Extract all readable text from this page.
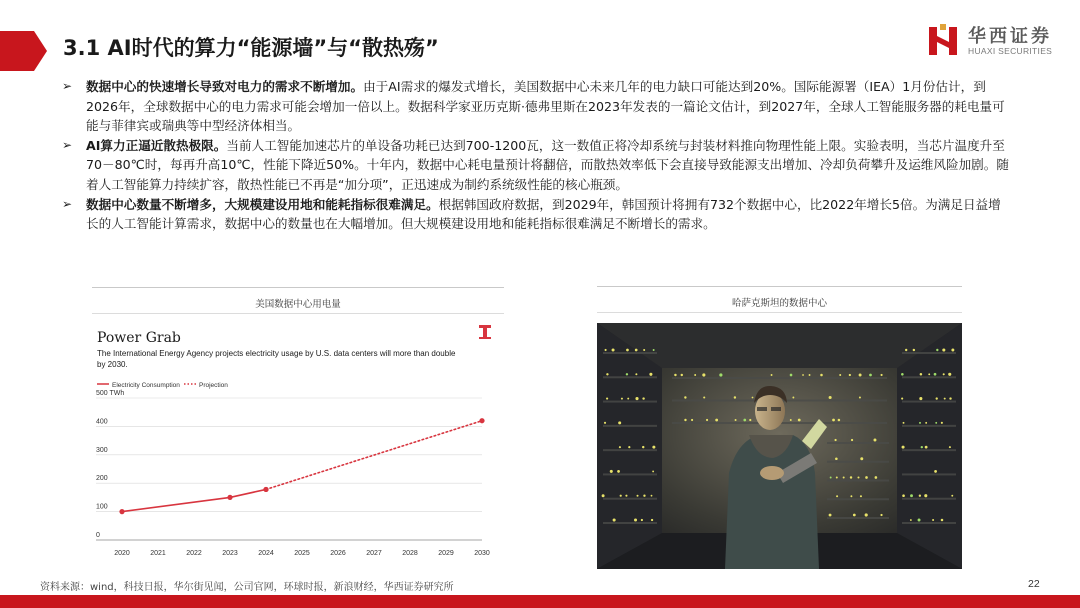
3.1 AI时代的算力“能源墙”与“散热殇”	华西证券
HUAXI SECURITIES

➢ 数据中心的快速增长导致对电力的需求不断增加。由于AI需求的爆发式增长，美国数据中心未来几年的电力缺口可能达到20%。国际能源署（IEA）1月份估计，到2026年，全球数据中心的电力需求可能会增加一倍以上。数据科学家亚历克斯·德弗里斯在2023年发表的一篇论文估计，到2027年，全球人工智能服务器的耗电量可能与菲律宾或瑞典等中型经济体相当。

➢ AI算力正逼近散热极限。当前人工智能加速芯片的单设备功耗已达到700-1200瓦，这一数值正将冷却系统与封装材料推向物理性能上限。实验表明，当芯片温度升至70－80℃时，每再升高10℃，性能下降近50%。十年内，数据中心耗电量预计将翻倍，而散热效率低下会直接导致能源支出增加、冷却负荷攀升及运维风险加剧。随着人工智能算力持续扩容，散热性能已不再是“加分项”，正迅速成为制约系统级性能的核心瓶颈。

➢ 数据中心数量不断增多，大规模建设用地和能耗指标很难满足。根据韩国政府数据，到2029年，韩国预计将拥有732个数据中心，比2022年增长5倍。为满足日益增长的人工智能计算需求，数据中心的数量也在大幅增加。但大规模建设用地和能耗指标很难满足不断增长的需求。

美国数据中心用电量
Power Grab
The International Energy Agency projects electricity usage by U.S. data centers will more than double
by 2030.
Electricity Consumption	Projection
0
100
200
300
400
500 TWh
2020	2021	2022	2023	2024	2025	2026	2027	2028	2029	2030
哈萨克斯坦的数据中心
资料来源：wind，科技日报，华尔街见闻，公司官网，环球时报，新浪财经，华西证券研究所	22
